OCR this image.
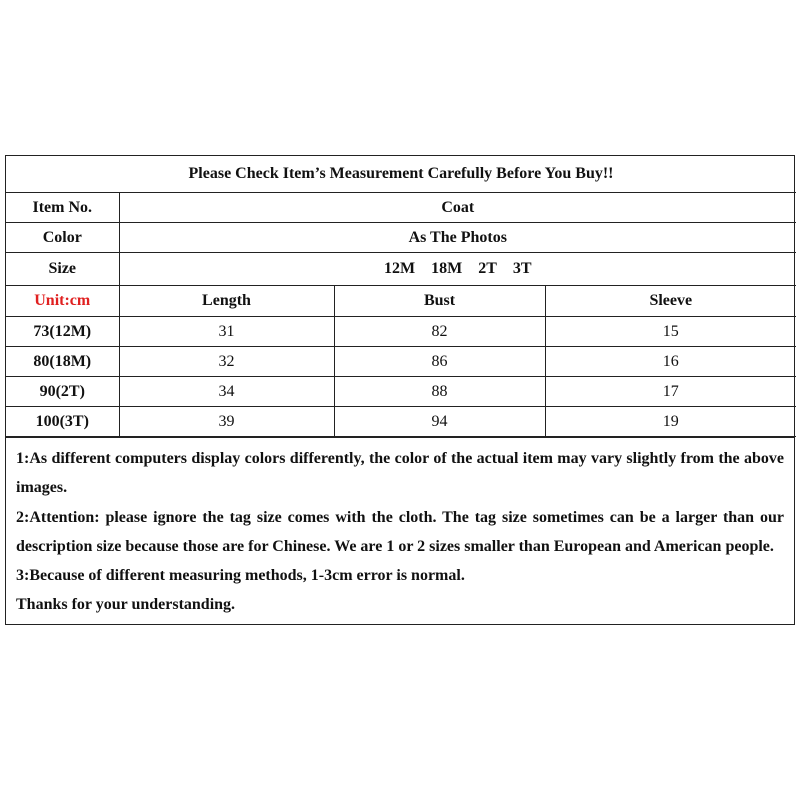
Please Check Item’s Measurement Carefully Before You Buy!!			
Item No.	Coat		
Color	As The Photos		
Size	12M 18M 2T 3T		
Unit:cm	Length	Bust	Sleeve
73(12M)	31	82	15
80(18M)	32	86	16
90(2T)	34	88	17
100(3T)	39	94	19

1:As different computers display colors differently, the color of the actual item may vary slightly from the above images.

2:Attention: please ignore the tag size comes with the cloth. The tag size sometimes can be a larger than our description size because those are for Chinese. We are 1 or 2 sizes smaller than European and American people.

3:Because of different measuring methods, 1-3cm error is normal.

Thanks for your understanding.
